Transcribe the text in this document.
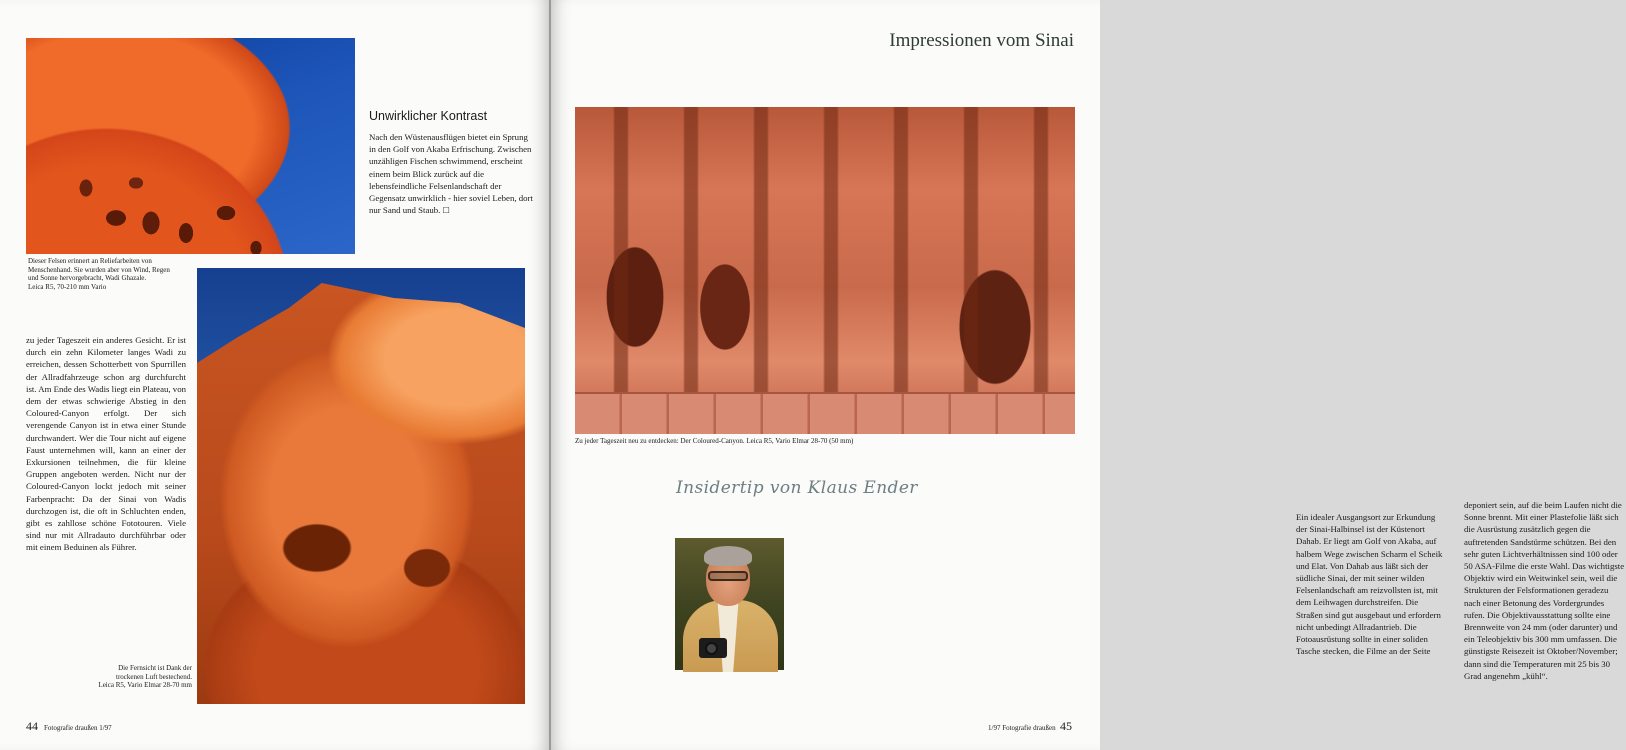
Dieser Felsen erinnert an Reliefarbeiten von Menschenhand. Sie wurden aber von Wind, Regen und Sonne hervorgebracht, Wadi Ghazale.
Leica R5, 70-210 mm Vario
Unwirklicher Kontrast
Nach den Wüstenausflügen bietet ein Sprung in den Golf von Akaba Erfrischung. Zwischen unzähligen Fischen schwimmend, erscheint einem beim Blick zurück auf die lebensfeindliche Felsenlandschaft der Gegensatz unwirklich - hier soviel Leben, dort nur Sand und Staub. ☐
zu jeder Tageszeit ein anderes Gesicht. Er ist durch ein zehn Kilometer langes Wadi zu erreichen, dessen Schotterbett von Spurrillen der Allradfahrzeuge schon arg durchfurcht ist. Am Ende des Wadis liegt ein Plateau, von dem der etwas schwierige Abstieg in den Coloured-Canyon erfolgt. Der sich verengende Canyon ist in etwa einer Stunde durchwandert. Wer die Tour nicht auf eigene Faust unternehmen will, kann an einer der Exkursionen teilnehmen, die für kleine Gruppen angeboten werden. Nicht nur der Coloured-Canyon lockt jedoch mit seiner Farbenpracht: Da der Sinai von Wadis durchzogen ist, die oft in Schluchten enden, gibt es zahllose schöne Fototouren. Viele sind nur mit Allradauto durchführbar oder mit einem Beduinen als Führer.
Die Fernsicht ist Dank der trockenen Luft bestechend.
Leica R5, Vario Elmar 28-70 mm
44 Fotografie draußen 1/97
Impressionen vom Sinai
Zu jeder Tageszeit neu zu entdecken: Der Coloured-Canyon. Leica R5, Vario Elmar 28-70 (50 mm)
Insidertip von Klaus Ender
Ein idealer Ausgangsort zur Erkundung der Sinai-Halbinsel ist der Küstenort Dahab. Er liegt am Golf von Akaba, auf halbem Wege zwischen Scharm el Scheik und Elat. Von Dahab aus läßt sich der südliche Sinai, der mit seiner wilden Felsenlandschaft am reizvollsten ist, mit dem Leihwagen durchstreifen. Die Straßen sind gut ausgebaut und erfordern nicht unbedingt Allradantrieb. Die Fotoausrüstung sollte in einer soliden Tasche stecken, die Filme an der Seite
deponiert sein, auf die beim Laufen nicht die Sonne brennt. Mit einer Plastefolie läßt sich die Ausrüstung zusätzlich gegen die auftretenden Sandstürme schützen. Bei den sehr guten Lichtverhältnissen sind 100 oder 50 ASA-Filme die erste Wahl. Das wichtigste Objektiv wird ein Weitwinkel sein, weil die Strukturen der Felsformationen geradezu nach einer Betonung des Vordergrundes rufen. Die Objektivausstattung sollte eine Brennweite von 24 mm (oder darunter) und ein Teleobjektiv bis 300 mm umfassen. Die günstigste Reisezeit ist Oktober/November; dann sind die Temperaturen mit 25 bis 30 Grad angenehm „kühl“.
1/97 Fotografie draußen 45
